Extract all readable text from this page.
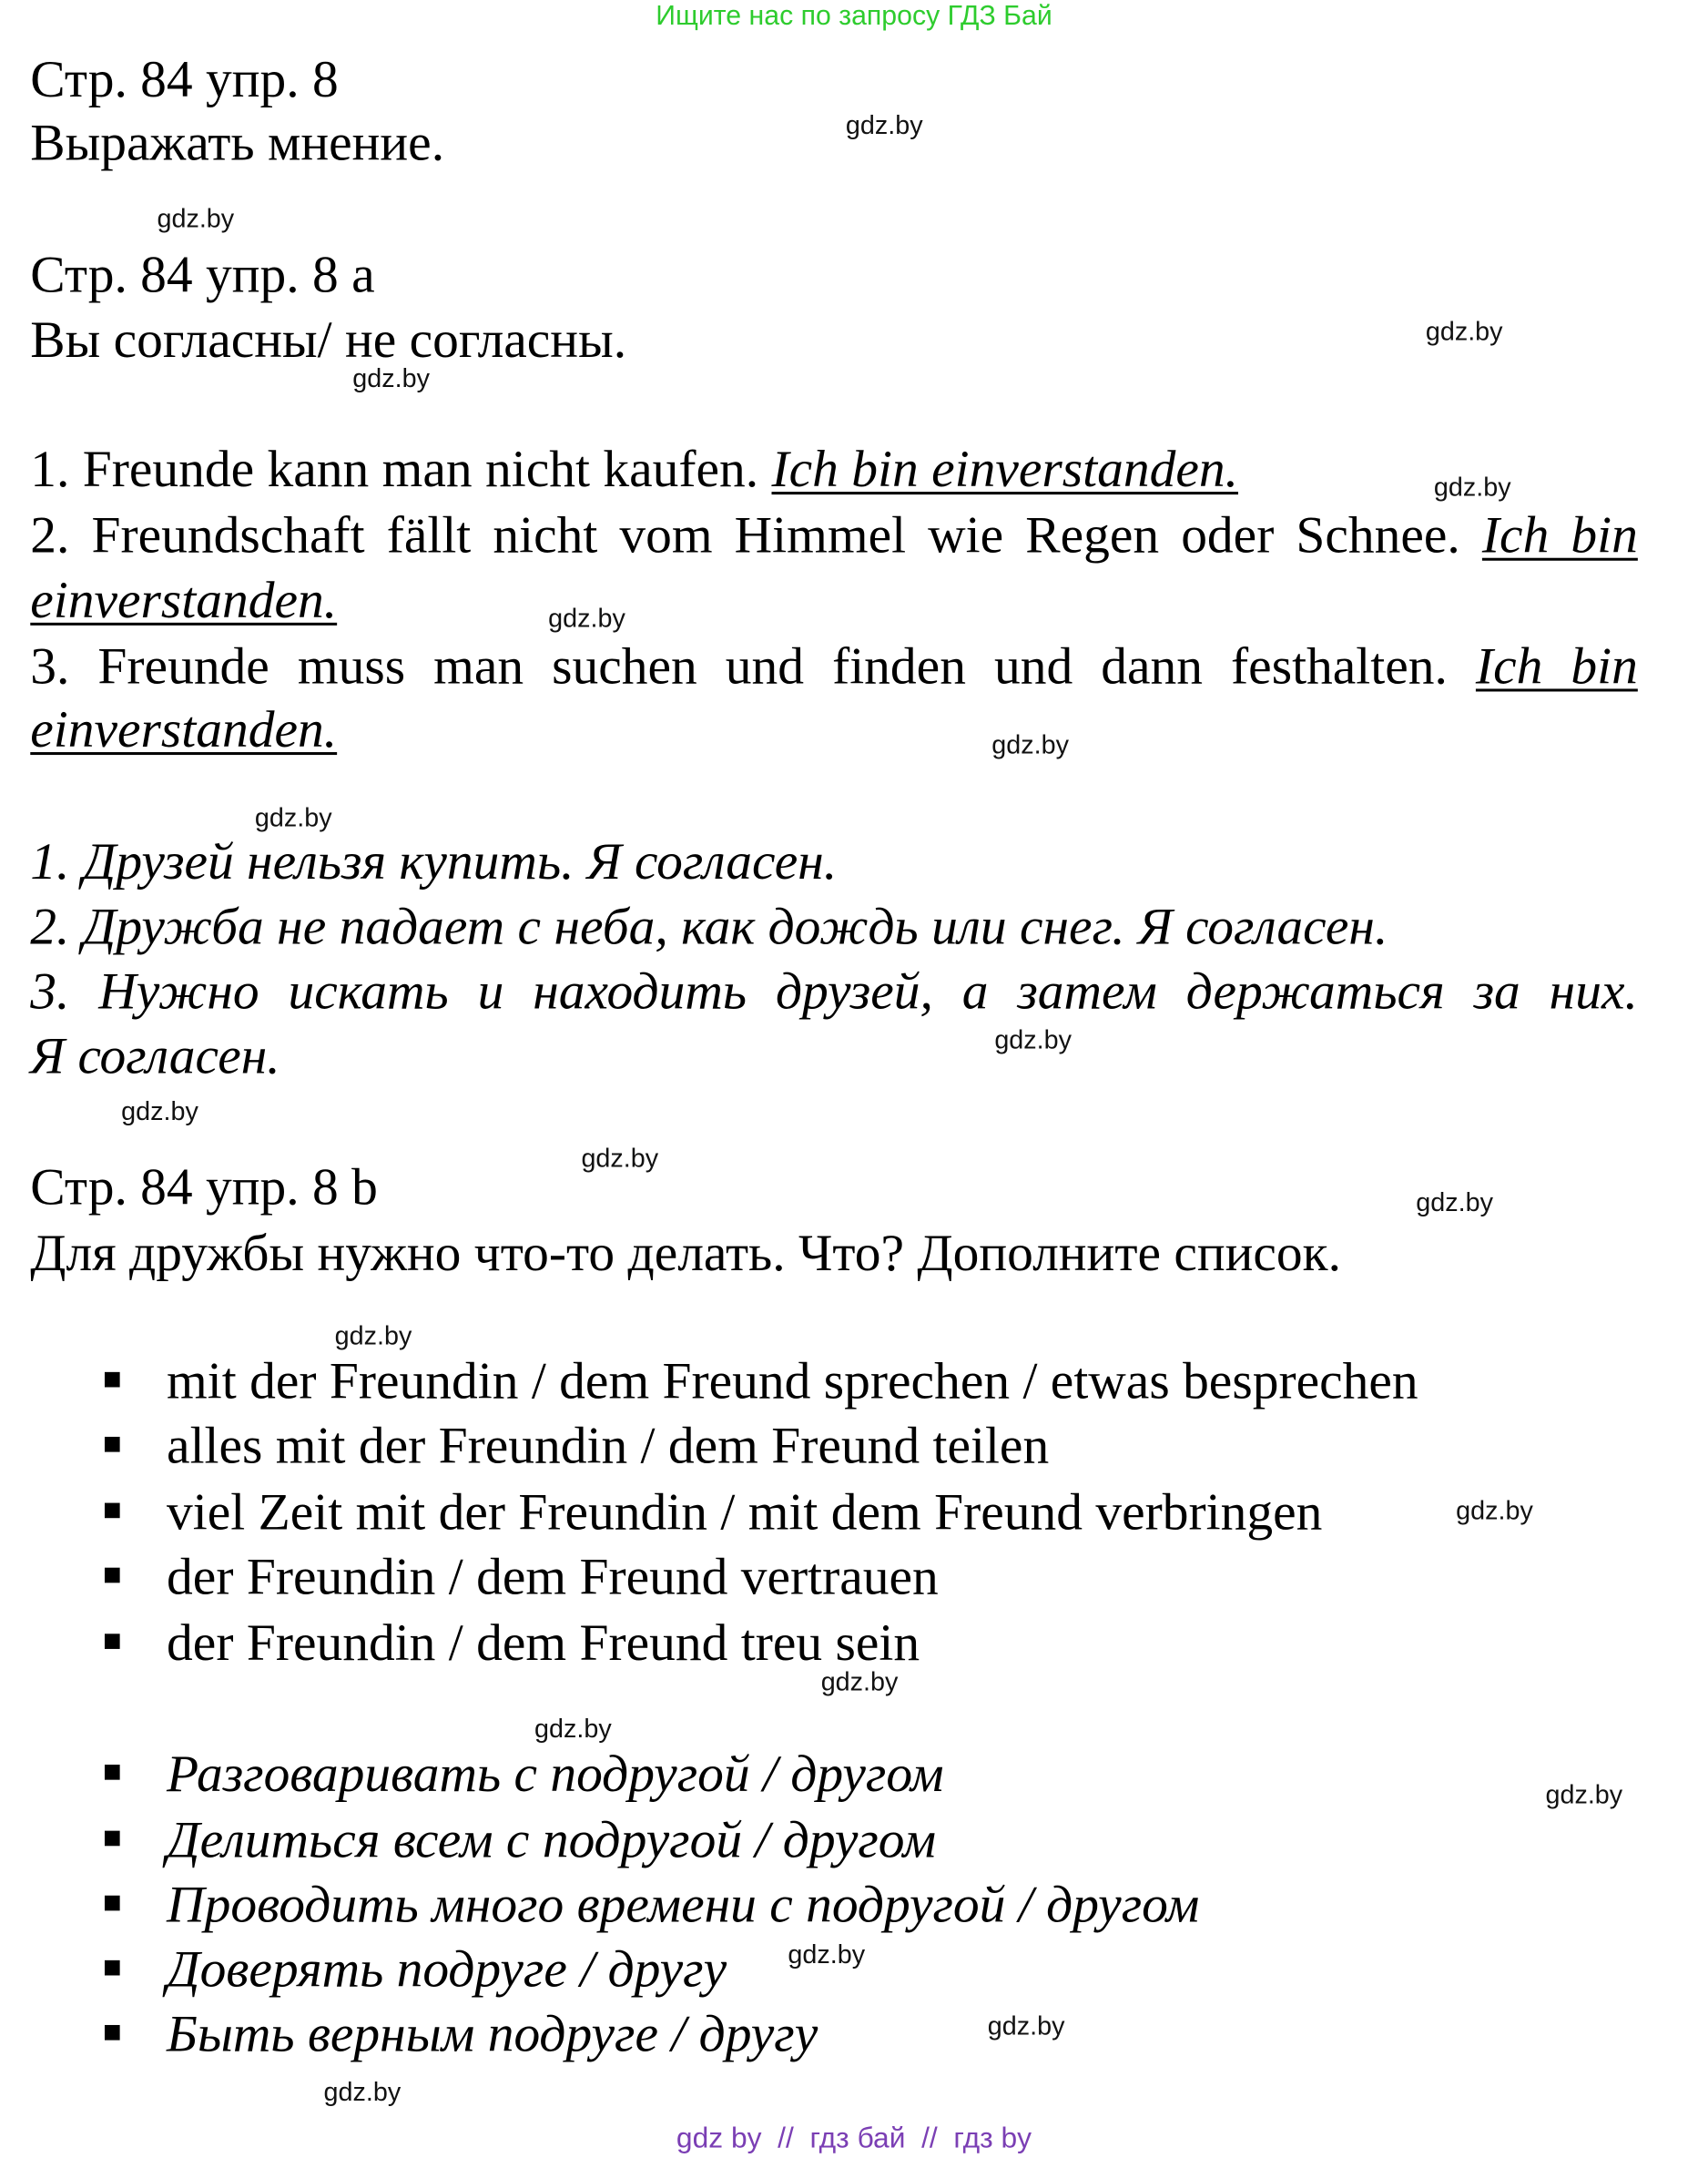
Ищите нас по запросу ГДЗ Бай
Стр. 84 упр. 8
Выражать мнение.
Стр. 84 упр. 8 a
Вы согласны/ не согласны.
1. Freunde kann man nicht kaufen. Ich bin einverstanden.
2. Freundschaft fällt nicht vom Himmel wie Regen oder Schnee. Ich bin
einverstanden.
3. Freunde muss man suchen und finden und dann festhalten. Ich bin
einverstanden.
1. Друзей нельзя купить. Я согласен.
2. Дружба не падает с неба, как дождь или снег. Я согласен.
3. Нужно искать и находить друзей, а затем держаться за них.
Я согласен.
Стр. 84 упр. 8 b
Для дружбы нужно что-то делать. Что? Дополните список.
mit der Freundin / dem Freund sprechen / etwas besprechen
alles mit der Freundin / dem Freund teilen
viel Zeit mit der Freundin / mit dem Freund verbringen
der Freundin / dem Freund vertrauen
der Freundin / dem Freund treu sein
Разговаривать с подругой / другом
Делиться всем с подругой / другом
Проводить много времени с подругой / другом
Доверять подруге / другу
Быть верным подруге / другу
gdz.by
gdz.by
gdz.by
gdz.by
gdz.by
gdz.by
gdz.by
gdz.by
gdz.by
gdz.by
gdz.by
gdz.by
gdz.by
gdz.by
gdz.by
gdz.by
gdz.by
gdz.by
gdz.by
gdz.by
gdz by  //  гдз бай  //  гдз by
